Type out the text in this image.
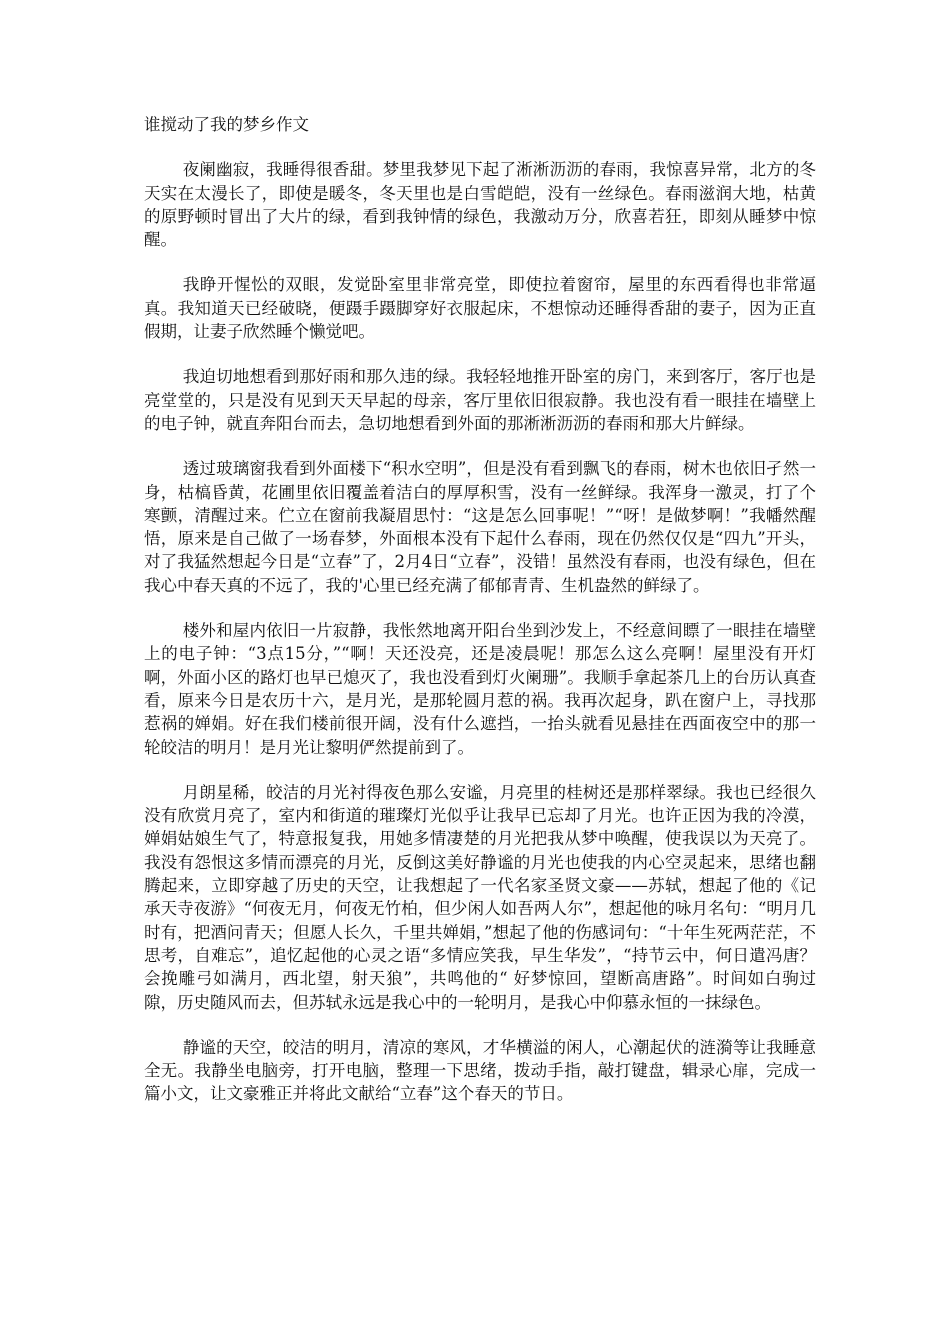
谁搅动了我的梦乡作文

夜阑幽寂，我睡得很香甜。梦里我梦见下起了淅淅沥沥的春雨，我惊喜异常，北方的冬天实在太漫长了，即使是暖冬，冬天里也是白雪皑皑，没有一丝绿色。春雨滋润大地，枯黄的原野顿时冒出了大片的绿，看到我钟情的绿色，我激动万分，欣喜若狂，即刻从睡梦中惊醒。

我睁开惺忪的双眼，发觉卧室里非常亮堂，即使拉着窗帘，屋里的东西看得也非常逼真。我知道天已经破晓，便蹑手蹑脚穿好衣服起床，不想惊动还睡得香甜的妻子，因为正直假期，让妻子欣然睡个懒觉吧。

我迫切地想看到那好雨和那久违的绿。我轻轻地推开卧室的房门，来到客厅，客厅也是亮堂堂的，只是没有见到天天早起的母亲，客厅里依旧很寂静。我也没有看一眼挂在墙壁上的电子钟，就直奔阳台而去，急切地想看到外面的那淅淅沥沥的春雨和那大片鲜绿。

透过玻璃窗我看到外面楼下“积水空明”，但是没有看到飘飞的春雨，树木也依旧孑然一身，枯槁昏黄，花圃里依旧覆盖着洁白的厚厚积雪，没有一丝鲜绿。我浑身一激灵，打了个寒颤，清醒过来。伫立在窗前我凝眉思忖：“这是怎么回事呢！”“呀！是做梦啊！”我幡然醒悟，原来是自己做了一场春梦，外面根本没有下起什么春雨，现在仍然仅仅是“四九”开头，对了我猛然想起今日是“立春”了，2月4日“立春”，没错！虽然没有春雨，也没有绿色，但在我心中春天真的不远了，我的'心里已经充满了郁郁青青、生机盎然的鲜绿了。

楼外和屋内依旧一片寂静，我怅然地离开阳台坐到沙发上，不经意间瞟了一眼挂在墙壁上的电子钟：“3点15分，”“啊！天还没亮，还是凌晨呢！那怎么这么亮啊！屋里没有开灯啊，外面小区的路灯也早已熄灭了，我也没看到灯火阑珊”。我顺手拿起茶几上的台历认真查看，原来今日是农历十六，是月光，是那轮圆月惹的祸。我再次起身，趴在窗户上，寻找那惹祸的婵娟。好在我们楼前很开阔，没有什么遮挡，一抬头就看见悬挂在西面夜空中的那一轮皎洁的明月！是月光让黎明俨然提前到了。

月朗星稀，皎洁的月光衬得夜色那么安谧，月亮里的桂树还是那样翠绿。我也已经很久没有欣赏月亮了，室内和街道的璀璨灯光似乎让我早已忘却了月光。也许正因为我的冷漠，婵娟姑娘生气了，特意报复我，用她多情凄楚的月光把我从梦中唤醒，使我误以为天亮了。我没有怨恨这多情而漂亮的月光，反倒这美好静谧的月光也使我的内心空灵起来，思绪也翻腾起来，立即穿越了历史的天空，让我想起了一代名家圣贤文豪——苏轼，想起了他的《记承天寺夜游》“何夜无月，何夜无竹柏，但少闲人如吾两人尔”，想起他的咏月名句：“明月几时有，把酒问青天；但愿人长久，千里共婵娟，”想起了他的伤感词句：“十年生死两茫茫，不思考，自难忘”，追忆起他的心灵之语“多情应笑我，早生华发”，“持节云中，何日遣冯唐？会挽雕弓如满月，西北望，射天狼”，共鸣他的“ 好梦惊回，望断高唐路”。时间如白驹过隙，历史随风而去，但苏轼永远是我心中的一轮明月，是我心中仰慕永恒的一抹绿色。

静谧的天空，皎洁的明月，清凉的寒风，才华横溢的闲人，心潮起伏的涟漪等让我睡意全无。我静坐电脑旁，打开电脑，整理一下思绪，拨动手指，敲打键盘，辑录心扉，完成一篇小文，让文豪雅正并将此文献给“立春”这个春天的节日。
